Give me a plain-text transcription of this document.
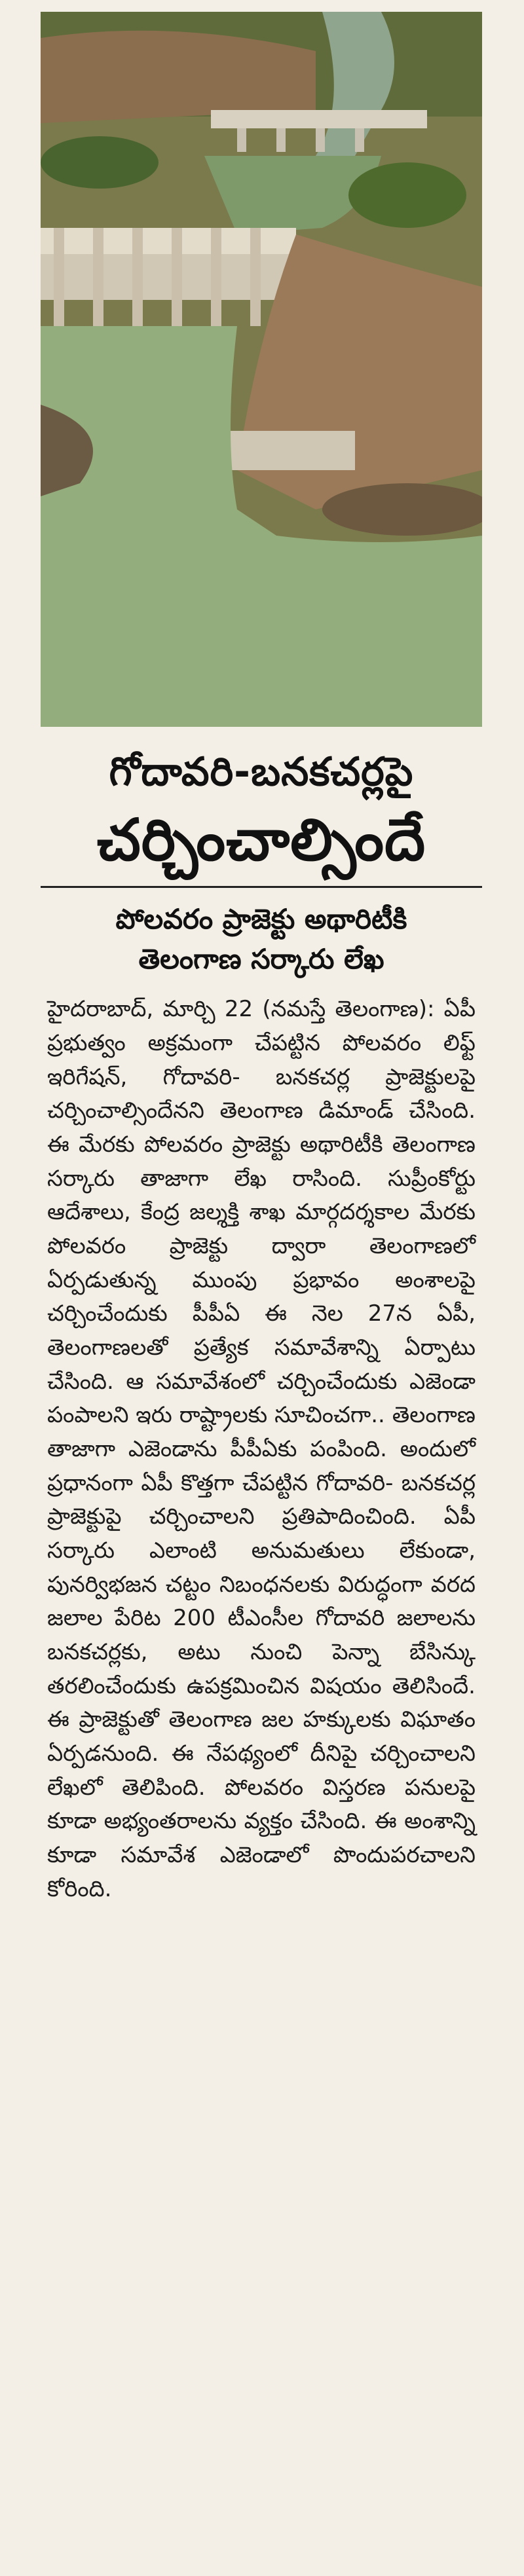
గోదావరి-బనకచర్లపై
చర్చించాల్సిందే
పోలవరం ప్రాజెక్టు అథారిటీకి
తెలంగాణ సర్కారు లేఖ
హైదరాబాద్, మార్చి 22 (నమస్తే తెలంగాణ): ఏపీ ప్రభుత్వం అక్రమంగా చేపట్టిన పోలవరం లిఫ్ట్ ఇరిగేషన్, గోదావరి- బనకచర్ల ప్రాజెక్టులపై చర్చించాల్సిందేనని తెలంగాణ డిమాండ్ చేసింది. ఈ మేరకు పోలవరం ప్రాజెక్టు అథారిటీకి తెలంగాణ సర్కారు తాజాగా లేఖ రాసింది. సుప్రీంకోర్టు ఆదేశాలు, కేంద్ర జల్శక్తి శాఖ మార్గదర్శకాల మేరకు పోలవరం ప్రాజెక్టు ద్వారా తెలంగాణలో ఏర్పడుతున్న ముంపు ప్రభావం అంశాలపై చర్చించేందుకు పీపీఏ ఈ నెల 27న ఏపీ, తెలంగాణలతో ప్రత్యేక సమావేశాన్ని ఏర్పాటు చేసింది. ఆ సమావేశంలో చర్చించేందుకు ఎజెండా పంపాలని ఇరు రాష్ట్రాలకు సూచించగా.. తెలంగాణ తాజాగా ఎజెండాను పీపీఏకు పంపింది. అందులో ప్రధానంగా ఏపీ కొత్తగా చేపట్టిన గోదావరి- బనకచర్ల ప్రాజెక్టుపై చర్చించాలని ప్రతిపాదించింది. ఏపీ సర్కారు ఎలాంటి అనుమతులు లేకుండా, పునర్విభజన చట్టం నిబంధనలకు విరుద్ధంగా వరద జలాల పేరిట 200 టీఎంసీల గోదావరి జలాలను బనకచర్లకు, అటు నుంచి పెన్నా బేసిన్కు తరలించేందుకు ఉపక్రమించిన విషయం తెలిసిందే. ఈ ప్రాజెక్టుతో తెలంగాణ జల హక్కులకు విఘాతం ఏర్పడనుంది. ఈ నేపథ్యంలో దీనిపై చర్చించాలని లేఖలో తెలిపింది. పోలవరం విస్తరణ పనులపై కూడా అభ్యంతరాలను వ్యక్తం చేసింది. ఈ అంశాన్ని కూడా సమావేశ ఎజెండాలో పొందుపరచాలని కోరింది.
